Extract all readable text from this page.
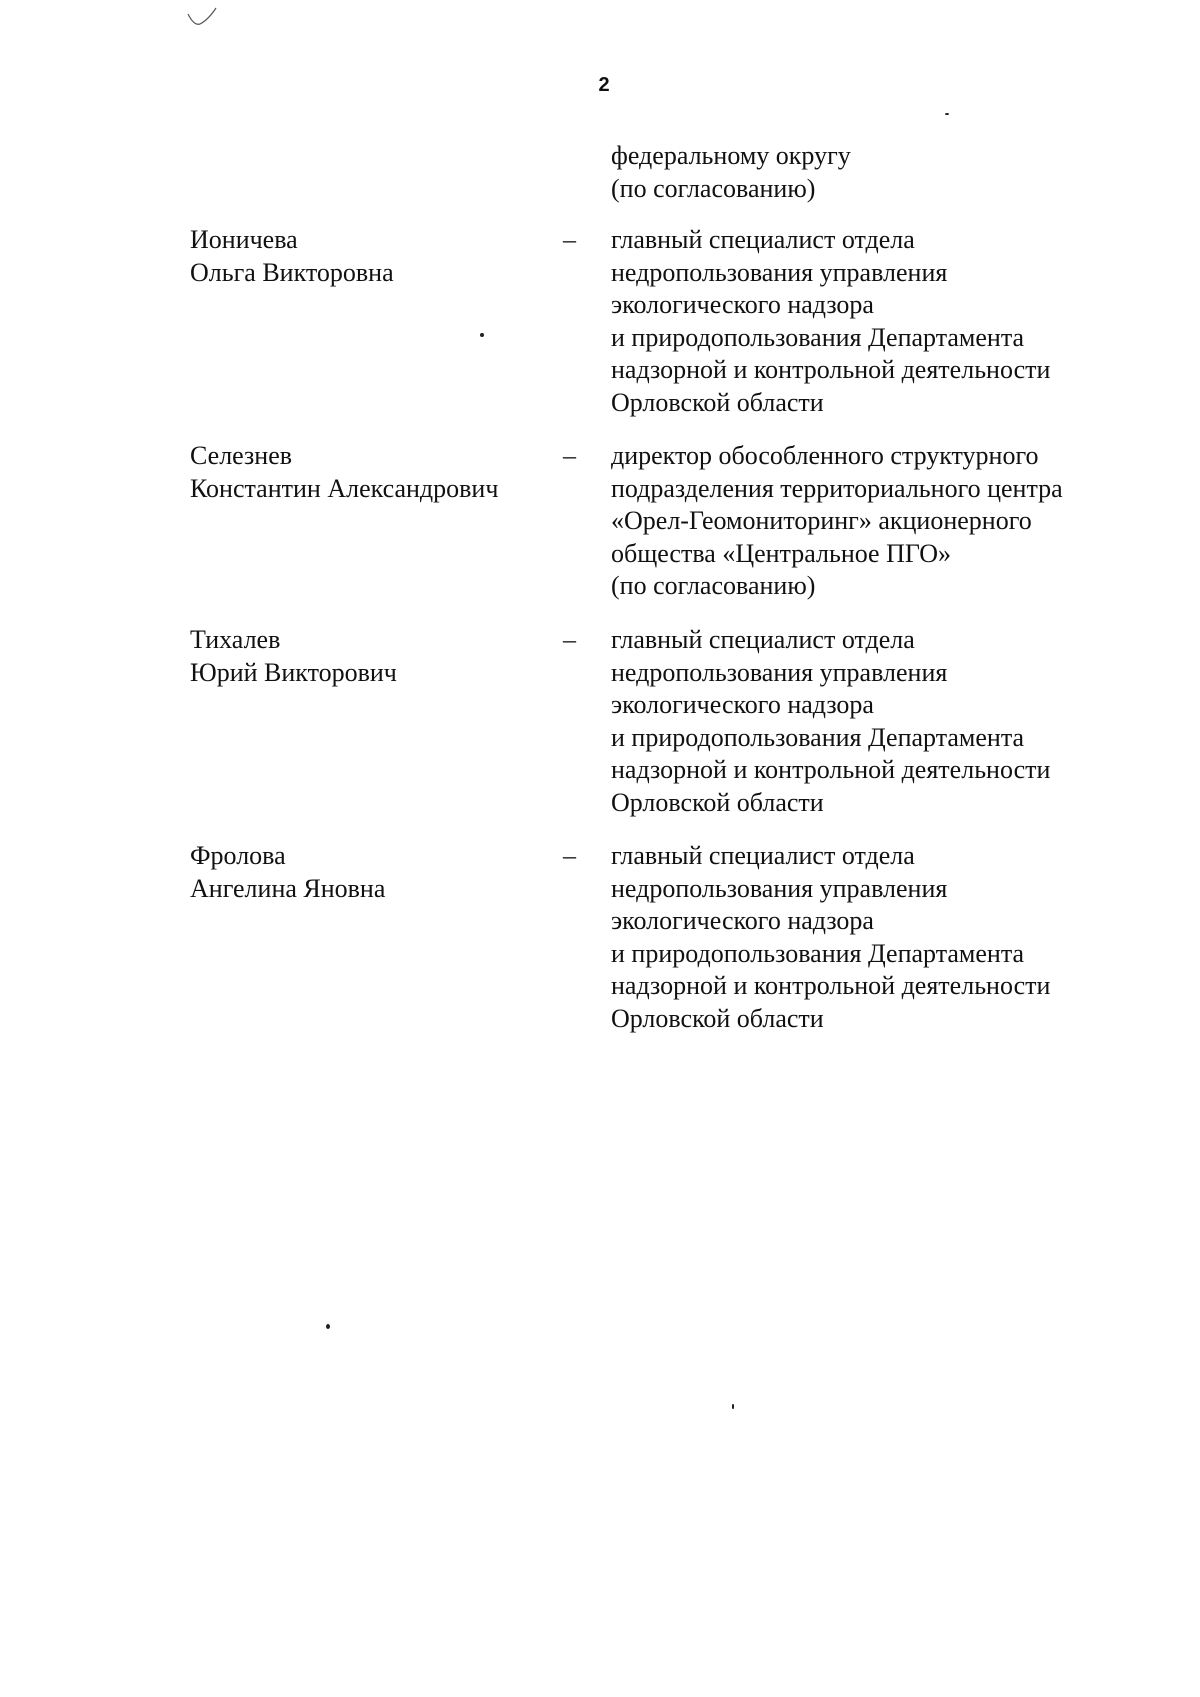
2
федеральному округу
(по согласованию)
Ионичева
Ольга Викторовна
– главный специалист отдела
недропользования управления
экологического надзора
и природопользования Департамента
надзорной и контрольной деятельности
Орловской области
Селезнев
Константин Александрович
– директор обособленного структурного
подразделения территориального центра
«Орел-Геомониторинг» акционерного
общества «Центральное ПГО»
(по согласованию)
Тихалев
Юрий Викторович
– главный специалист отдела
недропользования управления
экологического надзора
и природопользования Департамента
надзорной и контрольной деятельности
Орловской области
Фролова
Ангелина Яновна
– главный специалист отдела
недропользования управления
экологического надзора
и природопользования Департамента
надзорной и контрольной деятельности
Орловской области
